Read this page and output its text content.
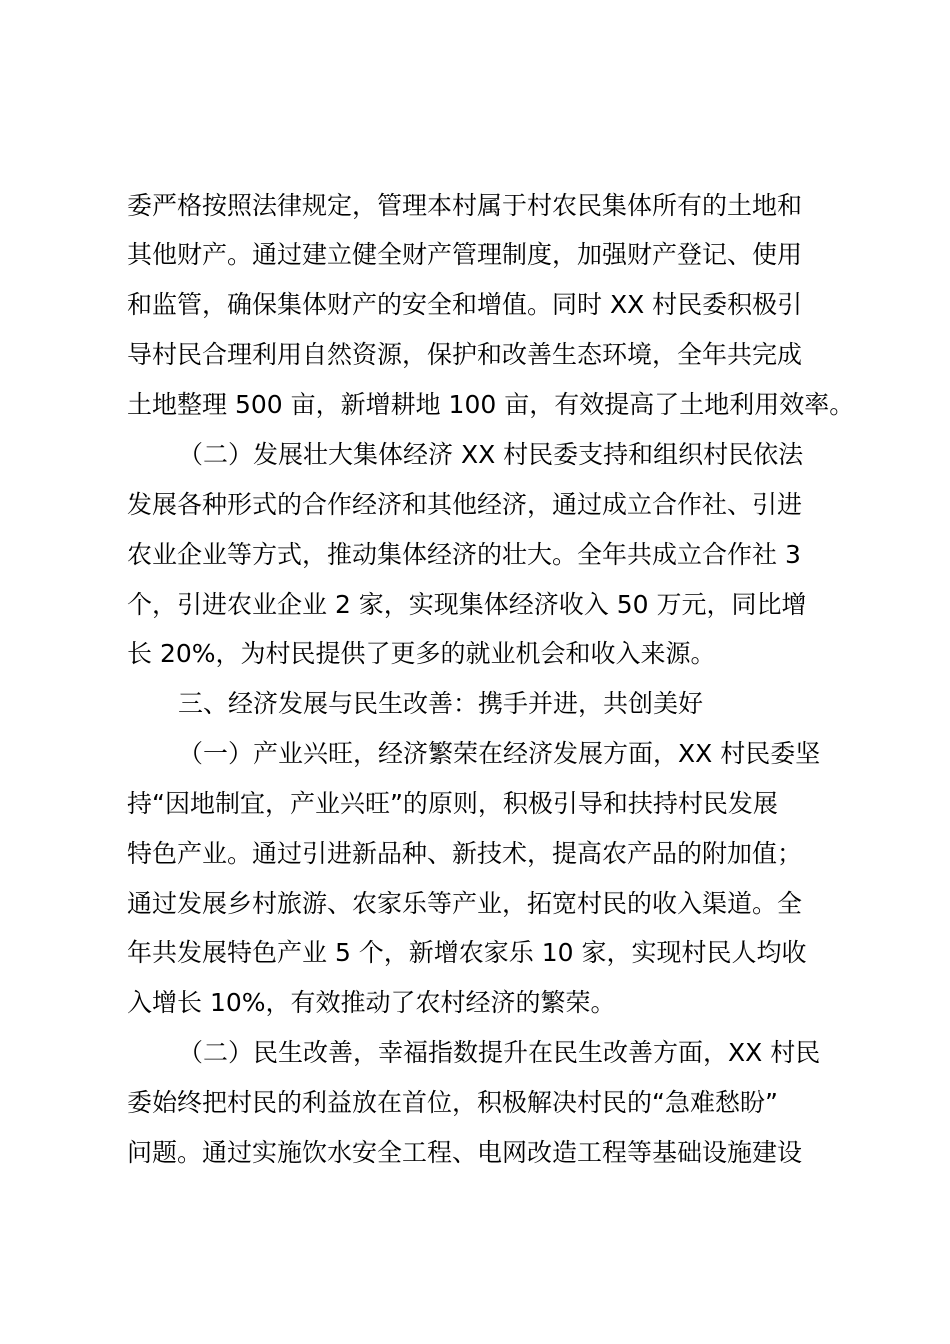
委严格按照法律规定，管理本村属于村农民集体所有的土地和
其他财产。通过建立健全财产管理制度，加强财产登记、使用
和监管，确保集体财产的安全和增值。同时 XX 村民委积极引
导村民合理利用自然资源，保护和改善生态环境，全年共完成
土地整理 500 亩，新增耕地 100 亩，有效提高了土地利用效率。
（二）发展壮大集体经济 XX 村民委支持和组织村民依法
发展各种形式的合作经济和其他经济，通过成立合作社、引进
农业企业等方式，推动集体经济的壮大。全年共成立合作社 3
个，引进农业企业 2 家，实现集体经济收入 50 万元，同比增
长 20%，为村民提供了更多的就业机会和收入来源。
三、经济发展与民生改善：携手并进，共创美好
（一）产业兴旺，经济繁荣在经济发展方面，XX 村民委坚
持“因地制宜，产业兴旺”的原则，积极引导和扶持村民发展
特色产业。通过引进新品种、新技术，提高农产品的附加值；
通过发展乡村旅游、农家乐等产业，拓宽村民的收入渠道。全
年共发展特色产业 5 个，新增农家乐 10 家，实现村民人均收
入增长 10%，有效推动了农村经济的繁荣。
（二）民生改善，幸福指数提升在民生改善方面，XX 村民
委始终把村民的利益放在首位，积极解决村民的“急难愁盼”
问题。通过实施饮水安全工程、电网改造工程等基础设施建设
